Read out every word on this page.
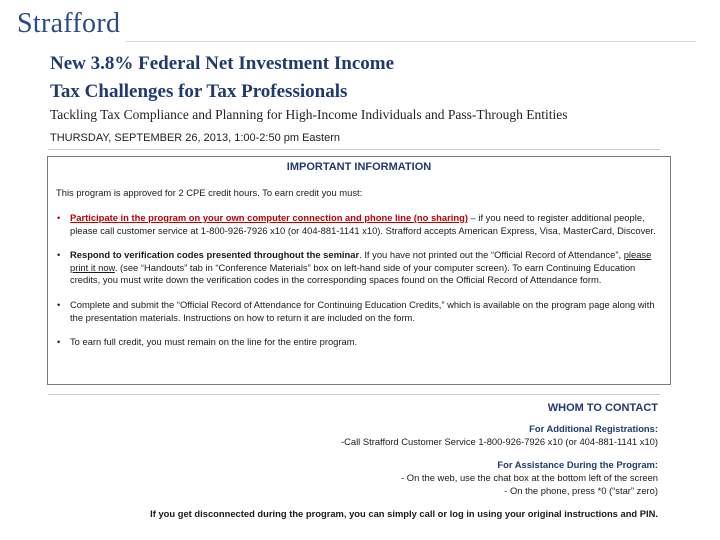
Strafford
New 3.8% Federal Net Investment Income
Tax Challenges for Tax Professionals
Tackling Tax Compliance and Planning for High-Income Individuals and Pass-Through Entities
THURSDAY, SEPTEMBER 26, 2013, 1:00-2:50 pm Eastern
IMPORTANT INFORMATION

This program is approved for 2 CPE credit hours. To earn credit you must:

• Participate in the program on your own computer connection and phone line (no sharing) – if you need to register additional people, please call customer service at 1-800-926-7926 x10 (or 404-881-1141 x10). Strafford accepts American Express, Visa, MasterCard, Discover.
• Respond to verification codes presented throughout the seminar. If you have not printed out the “Official Record of Attendance”, please print it now. (see “Handouts” tab in “Conference Materials” box on left-hand side of your computer screen). To earn Continuing Education credits, you must write down the verification codes in the corresponding spaces found on the Official Record of Attendance form.
• Complete and submit the “Official Record of Attendance for Continuing Education Credits,” which is available on the program page along with the presentation materials. Instructions on how to return it are included on the form.
• To earn full credit, you must remain on the line for the entire program.
WHOM TO CONTACT
For Additional Registrations:
-Call Strafford Customer Service 1-800-926-7926 x10 (or 404-881-1141 x10)
For Assistance During the Program:
- On the web, use the chat box at the bottom left of the screen
- On the phone, press *0 (“star” zero)
If you get disconnected during the program, you can simply call or log in using your original instructions and PIN.
